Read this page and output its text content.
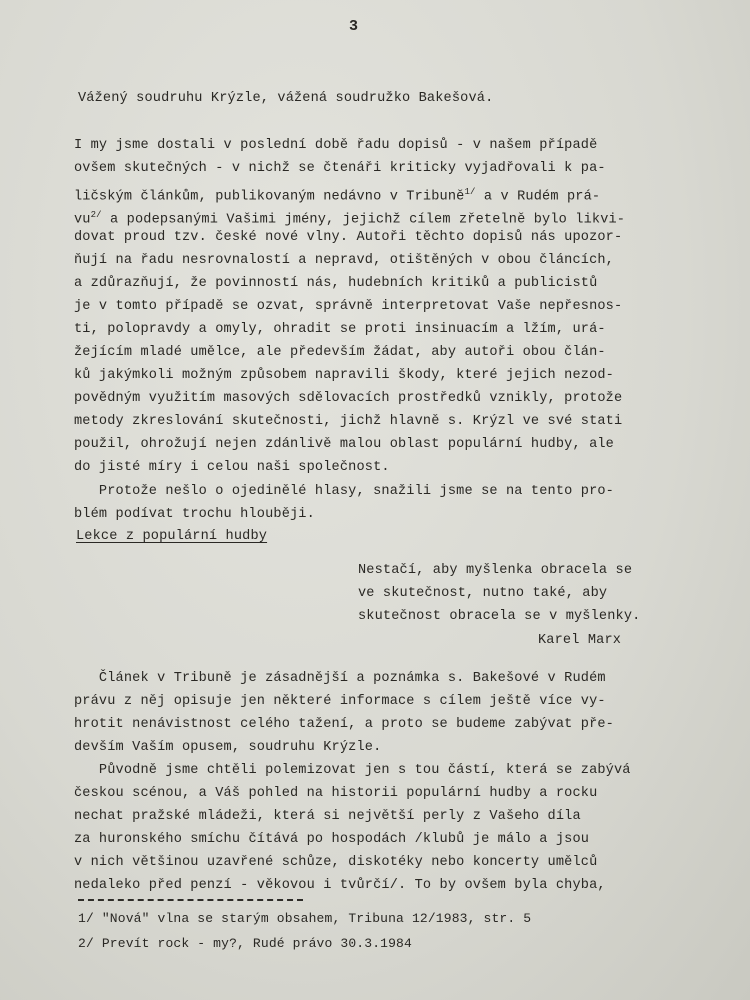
3
Vážený soudruhu Krýzle, vážená soudružko Bakešová.
I my jsme dostali v poslední době řadu dopisů - v našem případě
ovšem skutečných - v nichž se čtenáři kriticky vyjadřovali k pa-
ličským článkům, publikovaným nedávno v Tribuně$^{1/}$ a v Rudém prá-
$vu^{2/}$ a podepsanými Vašimi jmény, jejichž cílem zřetelně bylo likvi-
dovat proud tzv. české nové vlny. Autoři těchto dopisů nás upozor-
ňují na řadu nesrovnalostí a nepravd, otištěných v obou článcích,
a zdůrazňují, že povinností nás, hudebních kritiků a publicistů
je v tomto případě se ozvat, správně interpretovat Vaše nepřesnos-
ti, polopravdy a omyly, ohradit se proti insinuacím a lžím, urá-
žejícím mladé umělce, ale především žádat, aby autoři obou člán-
ků jakýmkoli možným způsobem napravili škody, které jejich nezod-
povědným využitím masových sdělovacích prostředků vznikly, protože
metody zkreslování skutečnosti, jichž hlavně s. Krýzl ve své stati
použil, ohrožují nejen zdánlivě malou oblast populární hudby, ale
do jisté míry i celou naši společnost.
Protože nešlo o ojedinělé hlasy, snažili jsme se na tento pro-
blém podívat trochu hlouběji.
Lekce z populární hudby
Nestačí, aby myšlenka obracela se
ve skutečnost, nutno také, aby
skutečnost obracela se v myšlenky.
Karel Marx
Článek v Tribuně je zásadnější a poznámka s. Bakešové v Rudém
právu z něj opisuje jen některé informace s cílem ještě více vy-
hrotit nenávistnost celého tažení, a proto se budeme zabývat pře-
devším Vaším opusem, soudruhu Krýzle.
Původně jsme chtěli polemizovat jen s tou částí, která se zabývá
českou scénou, a Váš pohled na historii populární hudby a rocku
nechat pražské mládeži, která si největší perly z Vašeho díla
za huronského smíchu čítává po hospodách /klubů je málo a jsou
v nich většinou uzavřené schůze, diskotéky nebo koncerty umělců
nedaleko před penzí - věkovou i tvůrčí/. To by ovšem byla chyba,
1/ "Nová" vlna se starým obsahem, Tribuna 12/1983, str. 5
2/ Prevít rock - my?, Rudé právo 30.3.1984
